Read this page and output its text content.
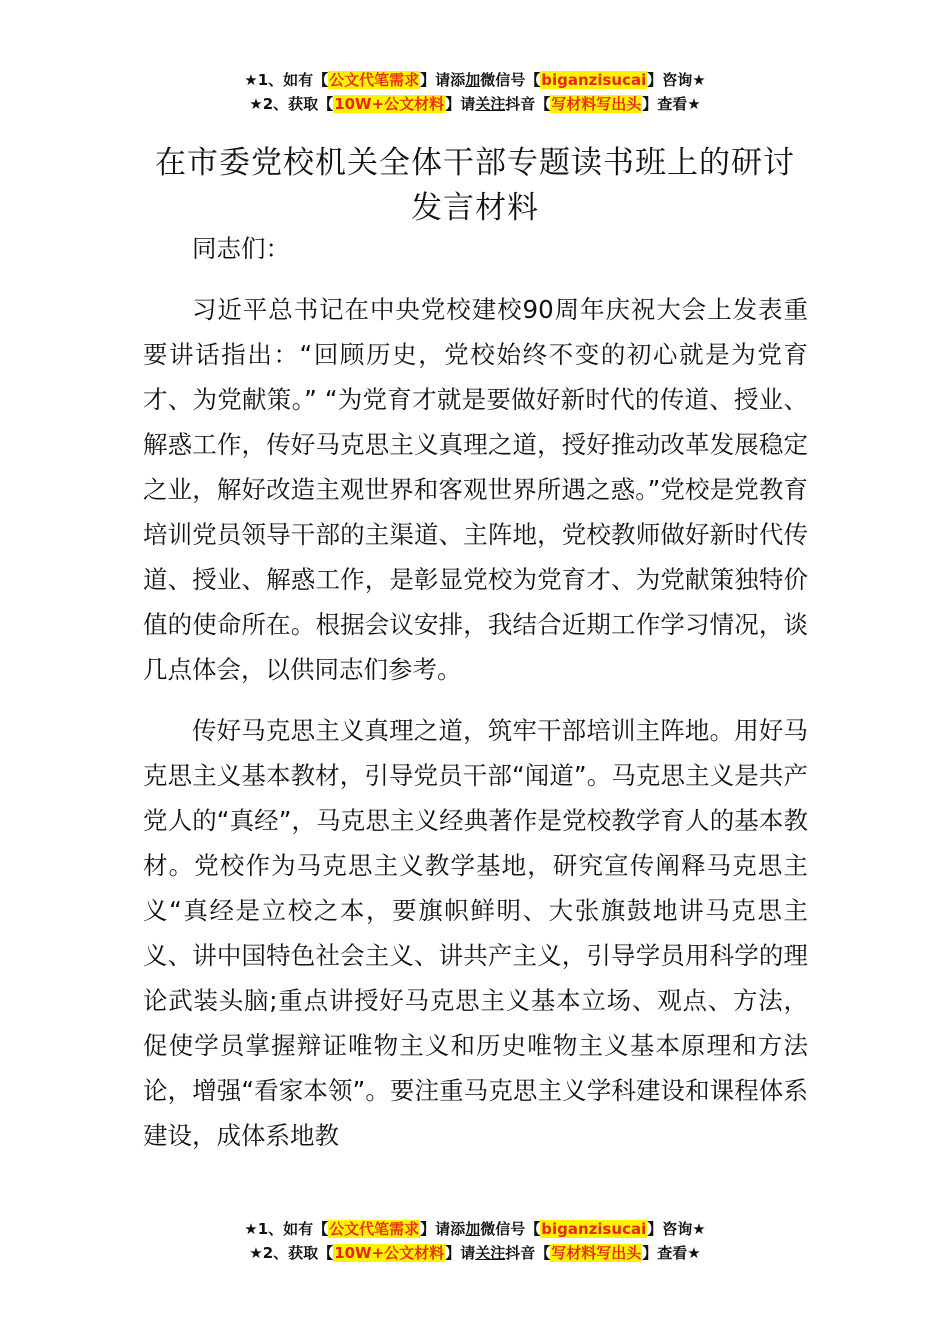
★1、如有【公文代笔需求】请添加微信号【biganzisucai】咨询★
★2、获取【10W+公文材料】请关注抖音【写材料写出头】查看★
在市委党校机关全体干部专题读书班上的研讨发言材料

同志们：

习近平总书记在中央党校建校90周年庆祝大会上发表重要讲话指出：“回顾历史，党校始终不变的初心就是为党育才、为党献策。” “为党育才就是要做好新时代的传道、授业、解惑工作，传好马克思主义真理之道，授好推动改革发展稳定之业，解好改造主观世界和客观世界所遇之惑。”党校是党教育培训党员领导干部的主渠道、主阵地，党校教师做好新时代传道、授业、解惑工作，是彰显党校为党育才、为党献策独特价值的使命所在。根据会议安排，我结合近期工作学习情况，谈几点体会，以供同志们参考。

传好马克思主义真理之道，筑牢干部培训主阵地。用好马克思主义基本教材，引导党员干部“闻道”。马克思主义是共产党人的“真经”，马克思主义经典著作是党校教学育人的基本教材。党校作为马克思主义教学基地，研究宣传阐释马克思主义“真经是立校之本，要旗帜鲜明、大张旗鼓地讲马克思主义、讲中国特色社会主义、讲共产主义，引导学员用科学的理论武装头脑;重点讲授好马克思主义基本立场、观点、方法，促使学员掌握辩证唯物主义和历史唯物主义基本原理和方法论，增强“看家本领”。要注重马克思主义学科建设和课程体系建设，成体系地教

★1、如有【公文代笔需求】请添加微信号【biganzisucai】咨询★
★2、获取【10W+公文材料】请关注抖音【写材料写出头】查看★
